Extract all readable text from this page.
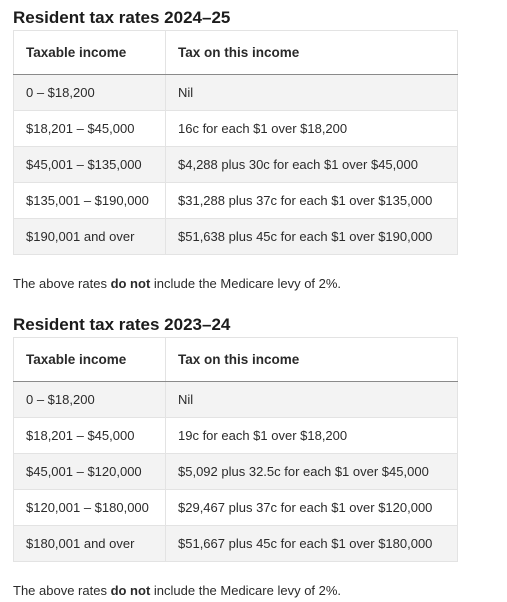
Resident tax rates 2024–25
Taxable income	Tax on this income
0 – $18,200	Nil
$18,201 – $45,000	16c for each $1 over $18,200
$45,001 – $135,000	$4,288 plus 30c for each $1 over $45,000
$135,001 – $190,000	$31,288 plus 37c for each $1 over $135,000
$190,001 and over	$51,638 plus 45c for each $1 over $190,000

The above rates do not include the Medicare levy of 2%.

Resident tax rates 2023–24
Taxable income	Tax on this income
0 – $18,200	Nil
$18,201 – $45,000	19c for each $1 over $18,200
$45,001 – $120,000	$5,092 plus 32.5c for each $1 over $45,000
$120,001 – $180,000	$29,467 plus 37c for each $1 over $120,000
$180,001 and over	$51,667 plus 45c for each $1 over $180,000

The above rates do not include the Medicare levy of 2%.
